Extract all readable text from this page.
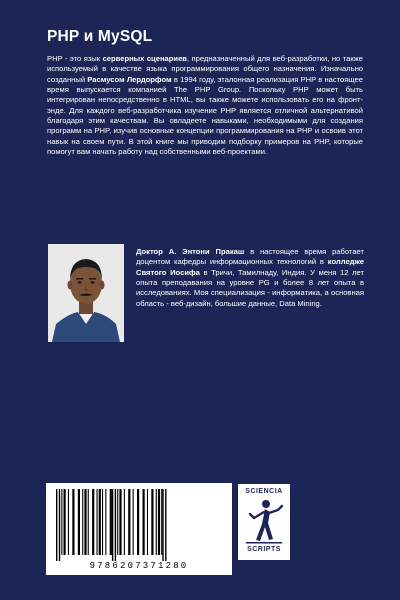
PHP и MySQL
PHP - это язык серверных сценариев, предназначенный для веб-разработки, но также используемый в качестве языка программирования общего назначения. Изначально созданный Расмусом Лердорфом в 1994 году, эталонная реализация PHP в настоящее время выпускается компанией The PHP Group. Поскольку PHP может быть интегрирован непосредственно в HTML, вы также можете использовать его на фронт-энде. Для каждого веб-разработчика изучение PHP является отличной альтернативой благодаря этим качествам. Вы овладеете навыками, необходимыми для создания программ на PHP, изучив основные концепции программирования на PHP и освоив этот навык на своем пути. В этой книге мы приводим подборку примеров на PHP, которые помогут вам начать работу над собственными веб-проектами.
Доктор А. Энтони Пракаш в настоящее время работает доцентом кафедры информационных технологий в колледже Святого Иосифа в Тричи, Тамилнаду, Индия. У меня 12 лет опыта преподавания на уровне PG и более 8 лет опыта в исследованиях. Моя специализация - информатика, а основная область - веб-дизайн, большие данные, Data Mining.
9786207371280
SCIENCIA
SCRIPTS
